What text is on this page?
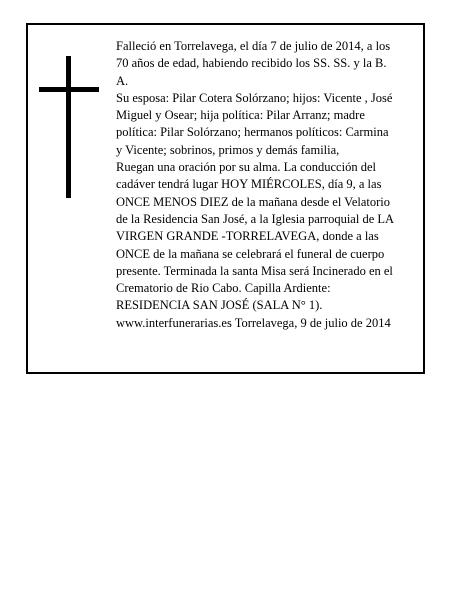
Falleció en Torrelavega, el día 7 de julio de 2014, a los
70 años de edad, habiendo recibido los SS. SS. y la B.
A.
Su esposa: Pilar Cotera Solórzano; hijos: Vicente , José
Miguel y Osear; hija política: Pilar Arranz; madre
política: Pilar Solórzano; hermanos políticos: Carmina
y Vicente; sobrinos, primos y demás familia,
Ruegan una oración por su alma. La conducción del
cadáver tendrá lugar HOY MIÉRCOLES, día 9, a las
ONCE MENOS DIEZ de la mañana desde el Velatorio
de la Residencia San José, a la Iglesia parroquial de LA
VIRGEN GRANDE -TORRELAVEGA, donde a las
ONCE de la mañana se celebrará el funeral de cuerpo
presente. Terminada la santa Misa será Incinerado en el
Crematorio de Rio Cabo. Capilla Ardiente:
RESIDENCIA SAN JOSÉ (SALA N° 1).
www.interfunerarias.es Torrelavega, 9 de julio de 2014
